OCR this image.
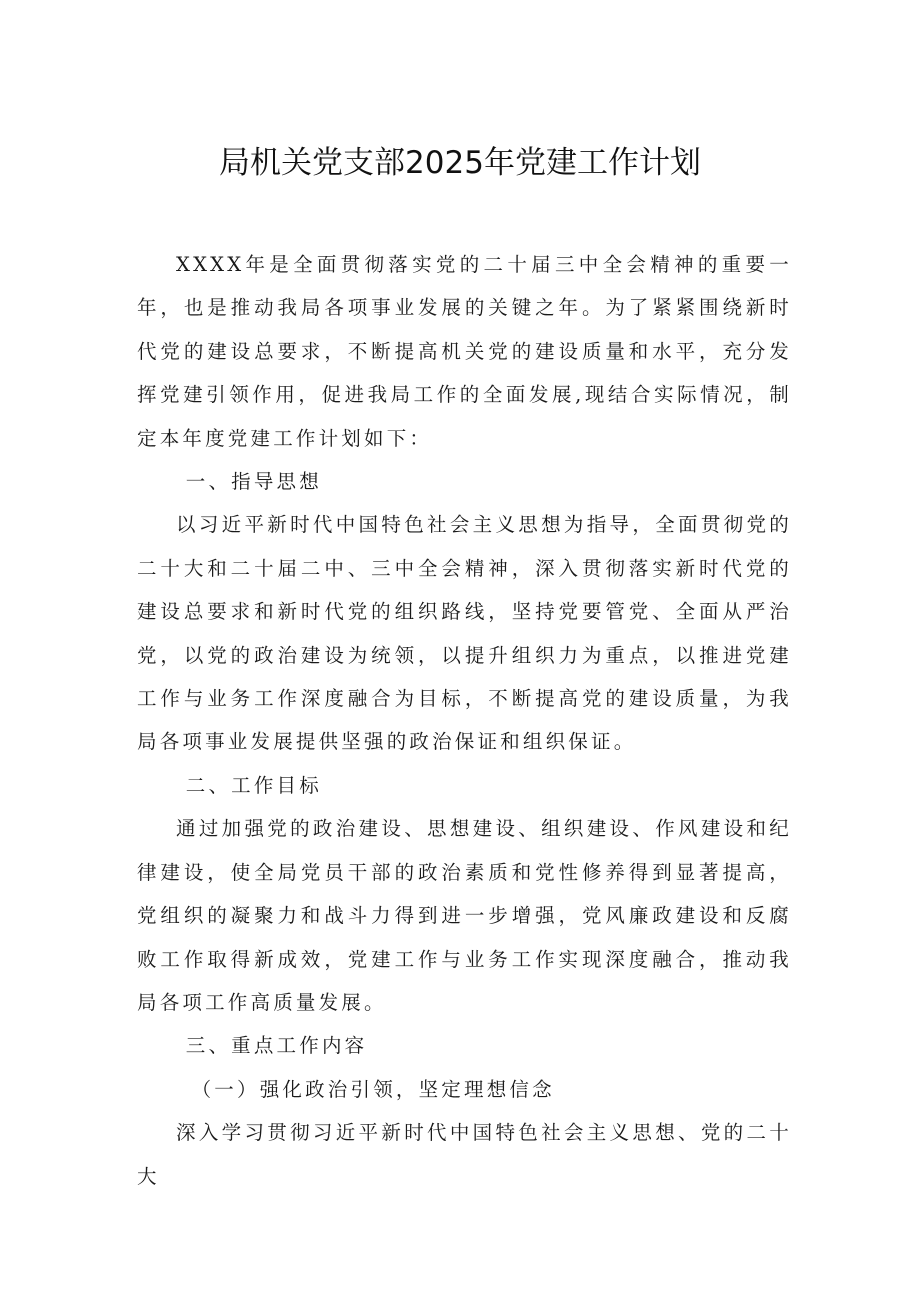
局机关党支部2025年党建工作计划

XXXX年是全面贯彻落实党的二十届三中全会精神的重要一年，也是推动我局各项事业发展的关键之年。为了紧紧围绕新时代党的建设总要求，不断提高机关党的建设质量和水平，充分发挥党建引领作用，促进我局工作的全面发展,现结合实际情况，制定本年度党建工作计划如下：

一、指导思想

以习近平新时代中国特色社会主义思想为指导，全面贯彻党的二十大和二十届二中、三中全会精神，深入贯彻落实新时代党的建设总要求和新时代党的组织路线，坚持党要管党、全面从严治党，以党的政治建设为统领，以提升组织力为重点，以推进党建工作与业务工作深度融合为目标，不断提高党的建设质量，为我局各项事业发展提供坚强的政治保证和组织保证。

二、工作目标

通过加强党的政治建设、思想建设、组织建设、作风建设和纪律建设，使全局党员干部的政治素质和党性修养得到显著提高，党组织的凝聚力和战斗力得到进一步增强，党风廉政建设和反腐败工作取得新成效，党建工作与业务工作实现深度融合，推动我局各项工作高质量发展。

三、重点工作内容

（一）强化政治引领，坚定理想信念

深入学习贯彻习近平新时代中国特色社会主义思想、党的二十大
